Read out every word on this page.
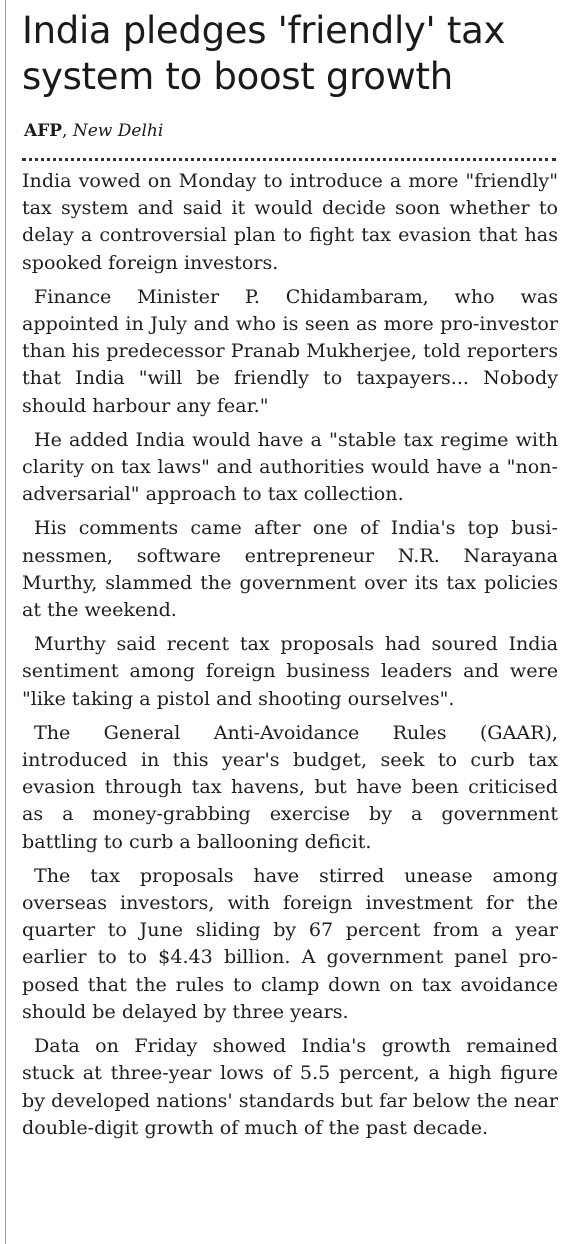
India pledges 'friendly' tax system to boost growth
AFP, New Delhi

India vowed on Monday to introduce a more "friendly" tax system and said it would decide soon whether to delay a controversial plan to fight tax evasion that has spooked foreign investors.

Finance Minister P. Chidambaram, who was appointed in July and who is seen as more pro-investor than his predecessor Pranab Mukherjee, told reporters that India "will be friendly to taxpayers... Nobody should harbour any fear."

He added India would have a "stable tax regime with clarity on tax laws" and authorities would have a "non-adversarial" approach to tax collection.

His comments came after one of India's top businessmen, software entrepreneur N.R. Narayana Murthy, slammed the government over its tax policies at the weekend.

Murthy said recent tax proposals had soured India sentiment among foreign business leaders and were "like taking a pistol and shooting ourselves".

The General Anti-Avoidance Rules (GAAR), introduced in this year's budget, seek to curb tax evasion through tax havens, but have been criticised as a money-grabbing exercise by a government battling to curb a ballooning deficit.

The tax proposals have stirred unease among overseas investors, with foreign investment for the quarter to June sliding by 67 percent from a year earlier to to $4.43 billion. A government panel proposed that the rules to clamp down on tax avoidance should be delayed by three years.

Data on Friday showed India's growth remained stuck at three-year lows of 5.5 percent, a high figure by developed nations' standards but far below the near double-digit growth of much of the past decade.
